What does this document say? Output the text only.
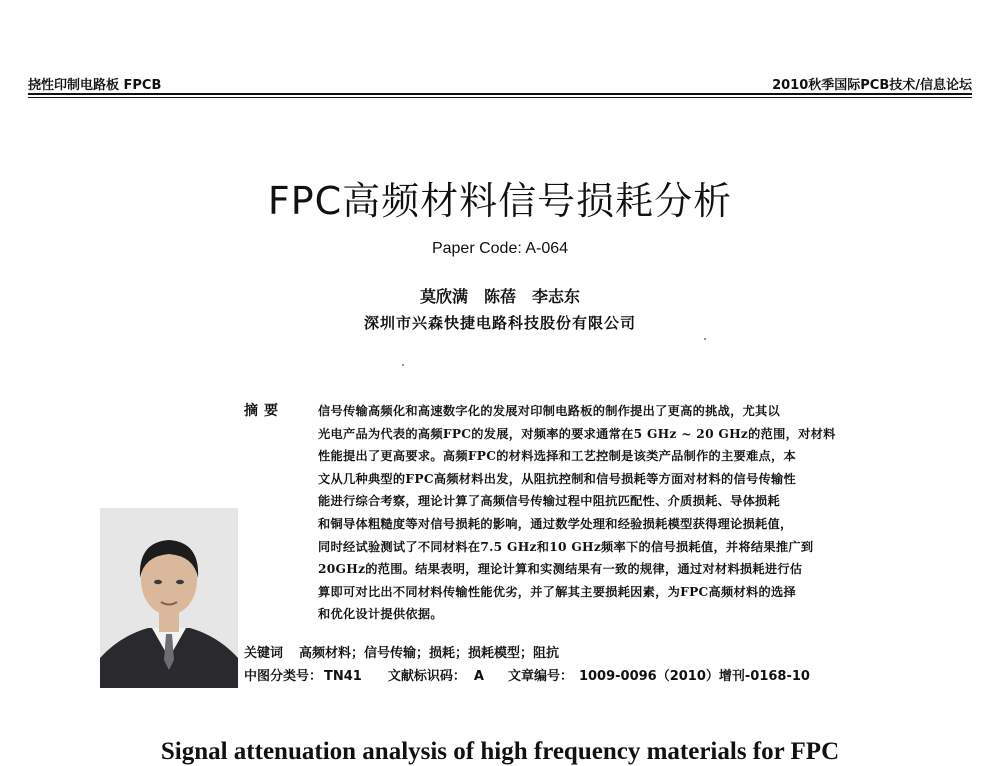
挠性印制电路板 FPCB	2010秋季国际PCB技术/信息论坛
FPC高频材料信号损耗分析
Paper Code: A-064
莫欣满　陈蓓　李志东
深圳市兴森快捷电路科技股份有限公司
摘要	信号传输高频化和高速数字化的发展对印制电路板的制作提出了更高的挑战，尤其以
光电产品为代表的高频FPC的发展，对频率的要求通常在5 GHz ~ 20 GHz的范围，对材料
性能提出了更高要求。高频FPC的材料选择和工艺控制是该类产品制作的主要难点，本
文从几种典型的FPC高频材料出发，从阻抗控制和信号损耗等方面对材料的信号传输性
能进行综合考察，理论计算了高频信号传输过程中阻抗匹配性、介质损耗、导体损耗
和铜导体粗糙度等对信号损耗的影响，通过数学处理和经验损耗模型获得理论损耗值，
同时经试验测试了不同材料在7.5 GHz和10 GHz频率下的信号损耗值，并将结果推广到
20GHz的范围。结果表明，理论计算和实测结果有一致的规律，通过对材料损耗进行估
算即可对比出不同材料传输性能优劣，并了解其主要损耗因素，为FPC高频材料的选择
和优化设计提供依据。
关键词 高频材料；信号传输；损耗；损耗模型；阻抗
中图分类号： TN41 文献标识码： A 文章编号： 1009-0096（2010）增刊-0168-10
Signal attenuation analysis of high frequency materials for FPC
